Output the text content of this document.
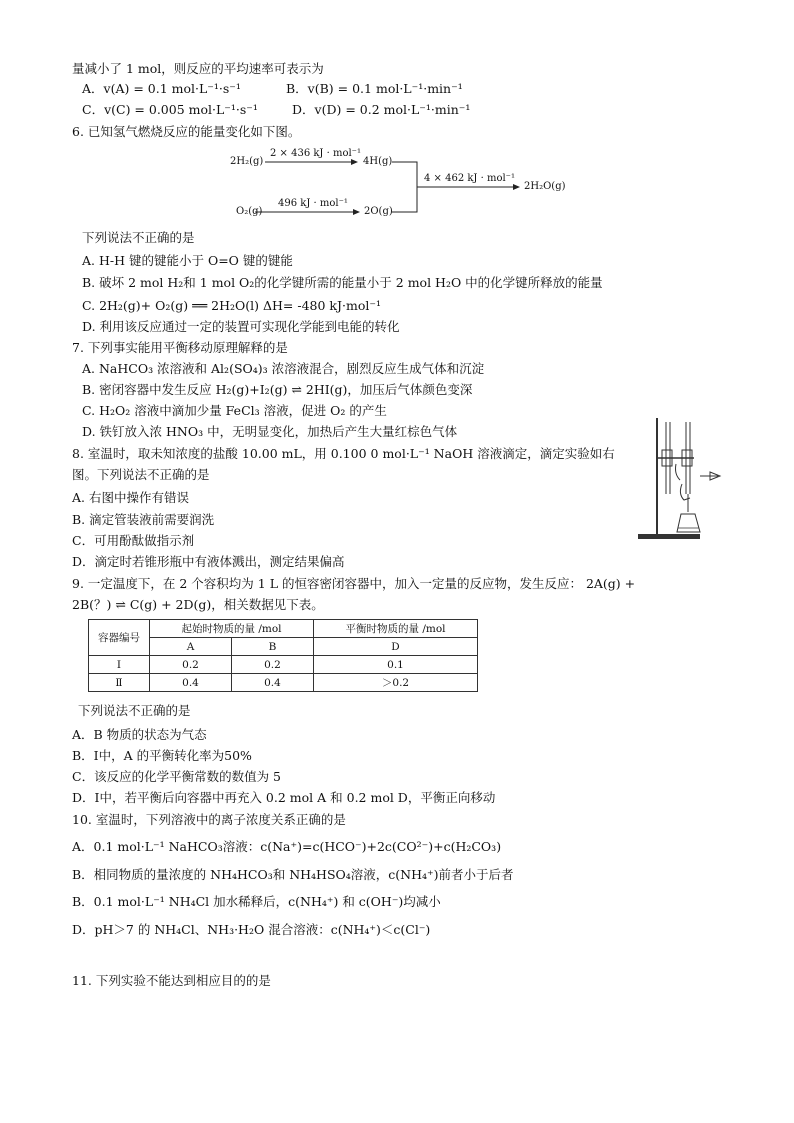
量减小了 1 mol，则反应的平均速率可表示为
A．v(A) = 0.1 mol·L⁻¹·s⁻¹	B．v(B) = 0.1 mol·L⁻¹·min⁻¹
C．v(C) = 0.005 mol·L⁻¹·s⁻¹	D．v(D) = 0.2 mol·L⁻¹·min⁻¹
6. 已知氢气燃烧反应的能量变化如下图。
2H₂(g)
2 × 436 kJ · mol⁻¹
4H(g)
O₂(g)
496 kJ · mol⁻¹
2O(g)
4 × 462 kJ · mol⁻¹
2H₂O(g)
下列说法不正确的是
A. H-H 键的键能小于 O=O 键的键能
B. 破坏 2 mol H₂和 1 mol O₂的化学键所需的能量小于 2 mol H₂O 中的化学键所释放的能量
C. 2H₂(g)+ O₂(g) ══ 2H₂O(l) ΔH= -480 kJ·mol⁻¹
D. 利用该反应通过一定的装置可实现化学能到电能的转化
7. 下列事实能用平衡移动原理解释的是
A. NaHCO₃ 浓溶液和 Al₂(SO₄)₃ 浓溶液混合，剧烈反应生成气体和沉淀
B. 密闭容器中发生反应 H₂(g)+I₂(g) ⇌ 2HI(g)，加压后气体颜色变深
C. H₂O₂ 溶液中滴加少量 FeCl₃ 溶液，促进 O₂ 的产生
D. 铁钉放入浓 HNO₃ 中，无明显变化，加热后产生大量红棕色气体
8. 室温时，取未知浓度的盐酸 10.00 mL，用 0.100 0 mol·L⁻¹ NaOH 溶液滴定，滴定实验如右
图。下列说法不正确的是
A. 右图中操作有错误
B. 滴定管装液前需要润洗
C．可用酚酞做指示剂
D．滴定时若锥形瓶中有液体溅出，测定结果偏高
9. 一定温度下，在 2 个容积均为 1 L 的恒容密闭容器中，加入一定量的反应物，发生反应： 2A(g) +
2B(？) ⇌ C(g) + 2D(g)，相关数据见下表。
容器编号	起始时物质的量 /mol		平衡时物质的量 /mol
	A	B	D
Ⅰ	0.2	0.2	0.1
Ⅱ	0.4	0.4	＞0.2
下列说法不正确的是
A．B 物质的状态为气态
B．Ⅰ中，A 的平衡转化率为50%
C．该反应的化学平衡常数的数值为 5
D．Ⅰ中，若平衡后向容器中再充入 0.2 mol A 和 0.2 mol D，平衡正向移动
10. 室温时，下列溶液中的离子浓度关系正确的是
A．0.1 mol·L⁻¹ NaHCO₃溶液：c(Na⁺)=c(HCO⁻)+2c(CO²⁻)+c(H₂CO₃)
B．相同物质的量浓度的 NH₄HCO₃和 NH₄HSO₄溶液，c(NH₄⁺)前者小于后者
B．0.1 mol·L⁻¹ NH₄Cl 加水稀释后，c(NH₄⁺) 和 c(OH⁻)均减小
D．pH＞7 的 NH₄Cl、NH₃·H₂O 混合溶液：c(NH₄⁺)＜c(Cl⁻)
11. 下列实验不能达到相应目的的是
